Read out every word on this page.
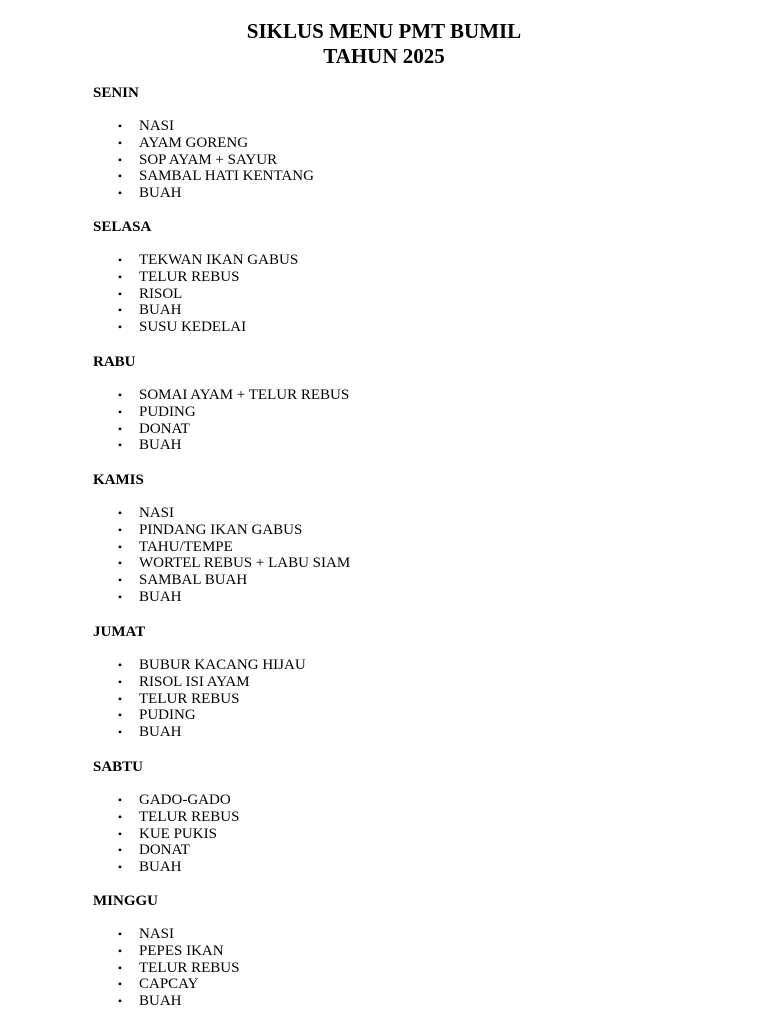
SIKLUS MENU PMT BUMIL
TAHUN 2025
SENIN
• NASI
• AYAM GORENG
• SOP AYAM + SAYUR
• SAMBAL HATI KENTANG
• BUAH
SELASA
• TEKWAN IKAN GABUS
• TELUR REBUS
• RISOL
• BUAH
• SUSU KEDELAI
RABU
• SOMAI AYAM + TELUR REBUS
• PUDING
• DONAT
• BUAH
KAMIS
• NASI
• PINDANG IKAN GABUS
• TAHU/TEMPE
• WORTEL REBUS + LABU SIAM
• SAMBAL BUAH
• BUAH
JUMAT
• BUBUR KACANG HIJAU
• RISOL ISI AYAM
• TELUR REBUS
• PUDING
• BUAH
SABTU
• GADO-GADO
• TELUR REBUS
• KUE PUKIS
• DONAT
• BUAH
MINGGU
• NASI
• PEPES IKAN
• TELUR REBUS
• CAPCAY
• BUAH
